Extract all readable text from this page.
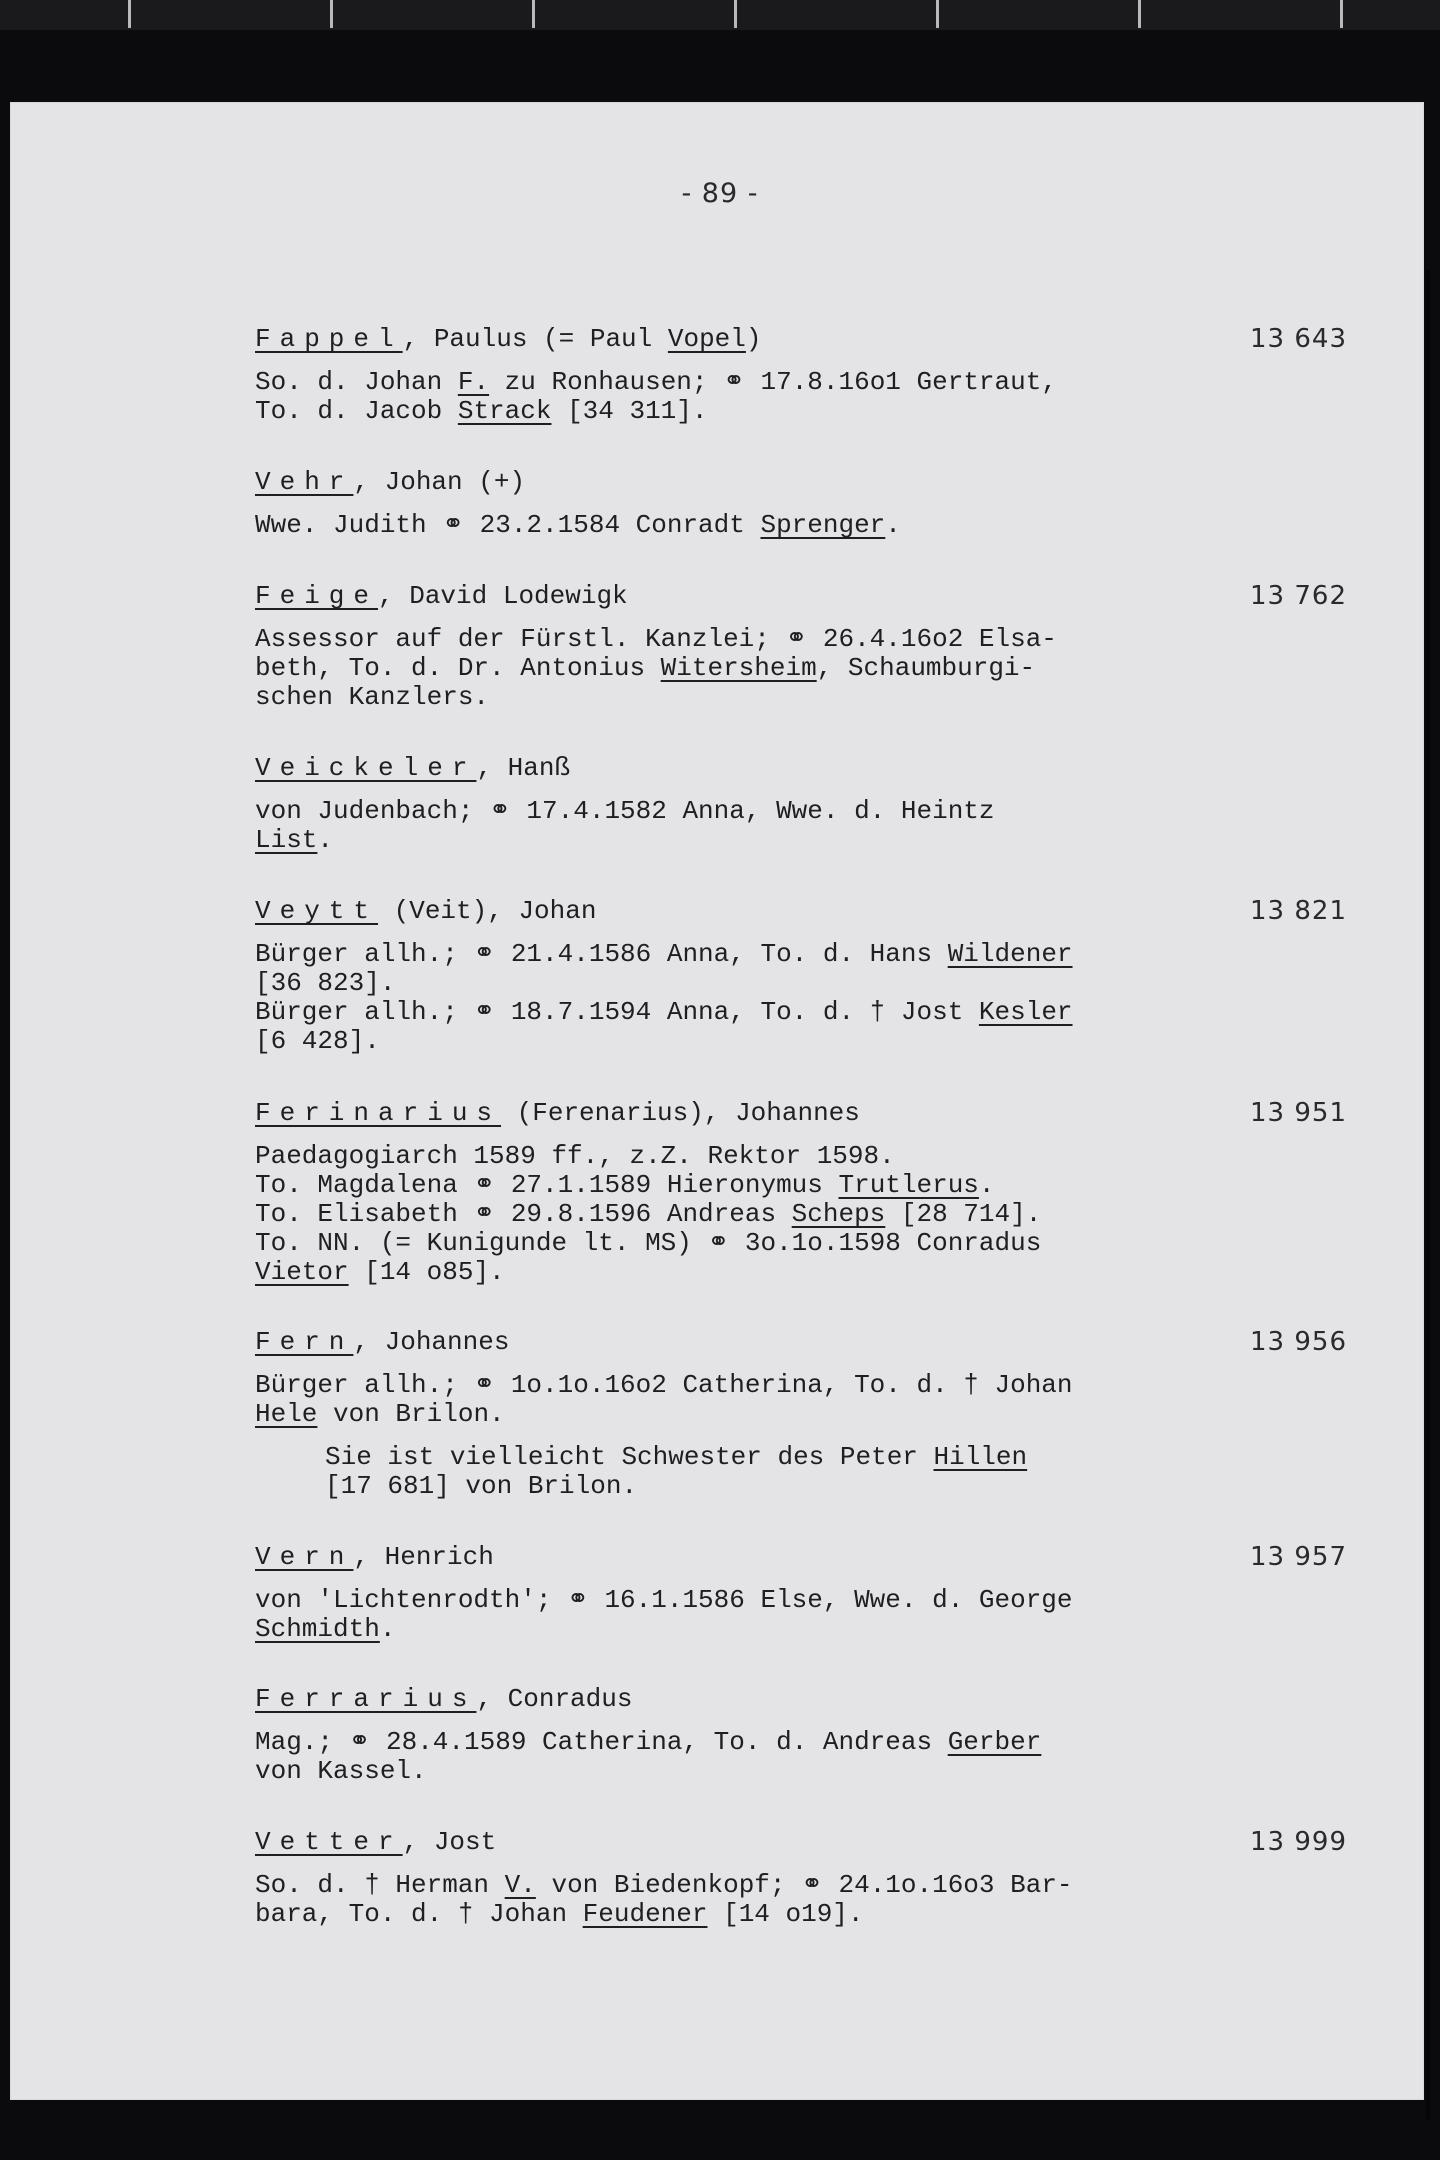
- 89 -
Fappel, Paulus (= Paul Vopel)	13 643
So. d. Johan F. zu Ronhausen; ⚭ 17.8.16o1 Gertraut,
To. d. Jacob Strack [34 311].
Vehr, Johan (+)
Wwe. Judith ⚭ 23.2.1584 Conradt Sprenger.
Feige, David Lodewigk	13 762
Assessor auf der Fürstl. Kanzlei; ⚭ 26.4.16o2 Elsa-
beth, To. d. Dr. Antonius Witersheim, Schaumburgi-
schen Kanzlers.
Veickeler, Hanß
von Judenbach; ⚭ 17.4.1582 Anna, Wwe. d. Heintz
List.
Veytt (Veit), Johan	13 821
Bürger allh.; ⚭ 21.4.1586 Anna, To. d. Hans Wildener
[36 823].
Bürger allh.; ⚭ 18.7.1594 Anna, To. d. † Jost Kesler
[6 428].
Ferinarius (Ferenarius), Johannes	13 951
Paedagogiarch 1589 ff., z.Z. Rektor 1598.
To. Magdalena ⚭ 27.1.1589 Hieronymus Trutlerus.
To. Elisabeth ⚭ 29.8.1596 Andreas Scheps [28 714].
To. NN. (= Kunigunde lt. MS) ⚭ 3o.1o.1598 Conradus
Vietor [14 o85].
Fern, Johannes	13 956
Bürger allh.; ⚭ 1o.1o.16o2 Catherina, To. d. † Johan
Hele von Brilon.
Sie ist vielleicht Schwester des Peter Hillen
[17 681] von Brilon.
Vern, Henrich	13 957
von 'Lichtenrodth'; ⚭ 16.1.1586 Else, Wwe. d. George
Schmidth.
Ferrarius, Conradus
Mag.; ⚭ 28.4.1589 Catherina, To. d. Andreas Gerber
von Kassel.
Vetter, Jost	13 999
So. d. † Herman V. von Biedenkopf; ⚭ 24.1o.16o3 Bar-
bara, To. d. † Johan Feudener [14 o19].
